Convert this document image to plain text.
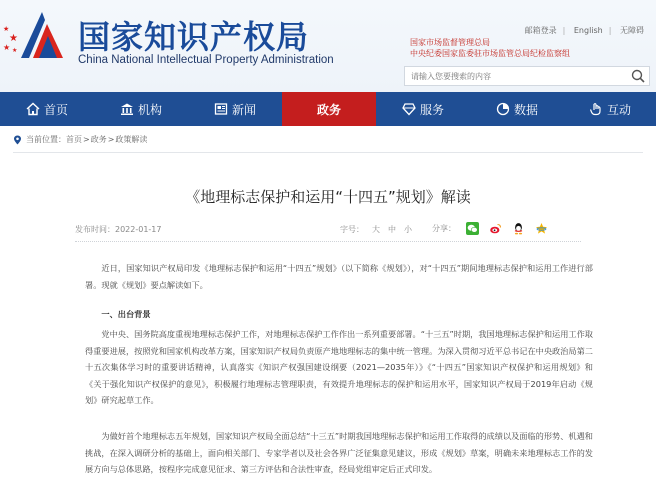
★
★
★ ★ 国家知识产权局
China National Intellectual Property Administration
邮箱登录 | English | 无障碍
国家市场监督管理总局
中央纪委国家监委驻市场监管总局纪检监察组
请输入您要搜索的内容
首页	机构	新闻	政务	服务	数据	互动
当前位置： 首页 > 政务 > 政策解读
《地理标志保护和运用“十四五”规划》解读
发布时间：2022-01-17	字号： 大 中 小	分享：
近日，国家知识产权局印发《地理标志保护和运用“十四五”规划》（以下简称《规划》），对“十四五”期间地理标志保护和运用工作进行部署。现就《规划》要点解读如下。
一、出台背景
党中央、国务院高度重视地理标志保护工作，对地理标志保护工作作出一系列重要部署。“十三五”时期，我国地理标志保护和运用工作取得重要进展，按照党和国家机构改革方案，国家知识产权局负责原产地地理标志的集中统一管理。为深入贯彻习近平总书记在中央政治局第二十五次集体学习时的重要讲话精神，认真落实《知识产权强国建设纲要（2021—2035年）》《“十四五”国家知识产权保护和运用规划》和《关于强化知识产权保护的意见》，积极履行地理标志管理职责，有效提升地理标志的保护和运用水平，国家知识产权局于2019年启动《规划》研究起草工作。
为做好首个地理标志五年规划，国家知识产权局全面总结“十三五”时期我国地理标志保护和运用工作取得的成绩以及面临的形势、机遇和挑战，在深入调研分析的基础上，面向相关部门、专家学者以及社会各界广泛征集意见建议，形成《规划》草案，明确未来地理标志工作的发展方向与总体思路，按程序完成意见征求、第三方评估和合法性审查，经局党组审定后正式印发。
